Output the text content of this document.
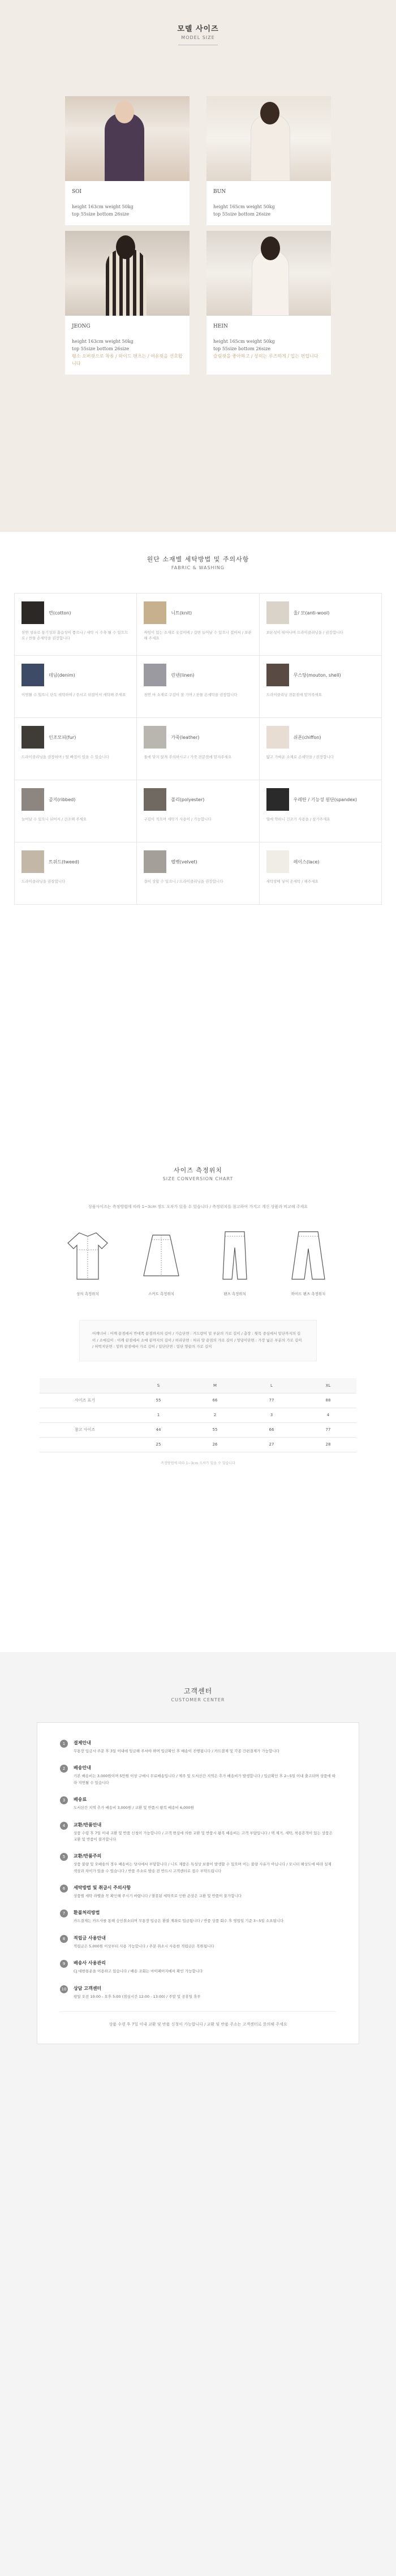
모델 사이즈
MODEL SIZE
SOI
height 163cm weight 50kg
top 55size bottom 26size
BUN
height 165cm weight 50kg
top 55size bottom 26size
JEONG
height 163cm weight 50kg
top 55size bottom 26size
평소 오버핏으로 착용 / 와이드 팬츠는 / 여유핏을 선호합니다
HEIN
height 165cm weight 50kg
top 55size bottom 26size
슬림핏을 좋아하고 / 상의는 루즈하게 / 입는 편입니다
원단 소재별 세탁방법 및 주의사항
FABRIC & WASHING
면(cotton)
천연 섬유로 통기성과 흡습성이 좋으나 / 세탁 시 수축 될 수 있으므로 / 찬물 손세탁을 권장합니다
니트(knit)
짜임이 있는 소재로 옷걸이에 / 걸면 늘어날 수 있으니 접어서 / 보관해 주세요
울/ 모(anti-wool)
보온성이 뛰어나며 드라이클리닝을 / 권장합니다
데님(denim)
이염될 수 있으니 단독 세탁하여 / 주시고 뒤집어서 세탁해 주세요
린넨(linen)
천연 마 소재로 구김이 잘 가며 / 찬물 손세탁을 권장합니다
무스탕(mouton, shell)
드라이클리닝 전문점에 맡겨주세요
인조모피(fur)
드라이클리닝을 권장하며 / 털 빠짐이 있을 수 있습니다
가죽(leather)
물에 닿지 않게 주의하시고 / 가죽 전문점에 맡겨주세요
쉬폰(chiffon)
얇고 가벼운 소재로 손세탁을 / 권장합니다
골지(ribbed)
늘어날 수 있으니 뉘어서 / 건조해 주세요
폴리(polyester)
구김이 적으며 세탁기 사용이 / 가능합니다
우레탄 / 기능성 원단(spandex)
열에 약하니 건조기 사용을 / 삼가주세요
트위드(tweed)
드라이클리닝을 권장합니다
벨벳(velvet)
결이 상할 수 있으니 / 드라이클리닝을 권장합니다
레이스(lace)
세탁망에 넣어 손세탁 / 해주세요
사이즈 측정위치
SIZE CONVERSION CHART
상품사이즈는 측정방법에 따라 1~3cm 정도 오차가 있을 수 있습니다 / 측정위치를 참고하여 가지고 계신 상품과 비교해 주세요
상의 측정위치	스커트 측정위치	팬츠 측정위치	와이드 팬츠 측정위치
어깨너비 : 어깨 끝점에서 반대쪽 끝점까지의 길이 / 가슴단면 : 겨드랑이 밑 부분의 가로 길이 / 총장 : 뒷목 중심에서 밑단까지의 길이 / 소매길이 : 어깨 끝점에서 소매 끝까지의 길이 / 허리단면 : 허리 양 끝점의 가로 길이 / 엉덩이단면 : 가장 넓은 부분의 가로 길이 / 허벅지단면 : 밑위 끝점에서 가로 길이 / 밑단단면 : 밑단 양끝의 가로 길이
	S	M	L	XL
사이즈 표기	55	66	77	88
	1	2	3	4
참고 사이즈	44	55	66	77
	25	26	27	28
측정방법에 따라 1~3cm 오차가 있을 수 있습니다
고객센터
CUSTOMER CENTER
1	결제안내
무통장 입금시 주문 후 3일 이내에 입금해 주셔야 하며 입금확인 후 배송이 진행됩니다 / 카드결제 및 각종 간편결제가 가능합니다
2	배송안내
기본 배송비는 3,000원이며 5만원 이상 구매시 무료배송입니다 / 제주 및 도서산간 지역은 추가 배송비가 발생합니다 / 입금확인 후 2~5일 이내 출고되며 상품에 따라 지연될 수 있습니다
3	배송료
도서산간 지역 추가 배송비 3,000원 / 교환 및 반품시 왕복 배송비 6,000원
4	교환/반품안내
상품 수령 후 7일 이내 교환 및 반품 신청이 가능합니다 / 고객 변심에 의한 교환 및 반품시 왕복 배송비는 고객 부담입니다 / 택 제거, 세탁, 착용흔적이 있는 상품은 교환 및 반품이 불가합니다
5	교환/반품주의
상품 불량 및 오배송의 경우 배송비는 당사에서 부담합니다 / 니트 제품은 특성상 보풀이 발생할 수 있으며 이는 불량 사유가 아닙니다 / 모니터 해상도에 따라 실제 색상과 차이가 있을 수 있습니다 / 반품 주소로 발송 전 반드시 고객센터로 접수 부탁드립니다
6	세탁방법 및 취급시 주의사항
상품별 세탁 라벨을 꼭 확인해 주시기 바랍니다 / 잘못된 세탁으로 인한 손상은 교환 및 반품이 불가합니다
7	환불처리방법
카드결제는 카드사를 통해 승인취소되며 무통장 입금은 환불 계좌로 입금됩니다 / 반품 상품 회수 후 영업일 기준 3~5일 소요됩니다
8	적립금 사용안내
적립금은 5,000원 이상부터 사용 가능합니다 / 주문 취소시 사용한 적립금은 복원됩니다
9	배송사 사용관리
CJ 대한통운을 이용하고 있습니다 / 배송 조회는 마이페이지에서 확인 가능합니다
10	상담 고객센터
평일 오전 10:00 - 오후 5:00 (점심시간 12:00 - 13:00) / 주말 및 공휴일 휴무
상품 수령 후 7일 이내 교환 및 반품 신청이 가능합니다 / 교환 및 반품 주소는 고객센터로 문의해 주세요
